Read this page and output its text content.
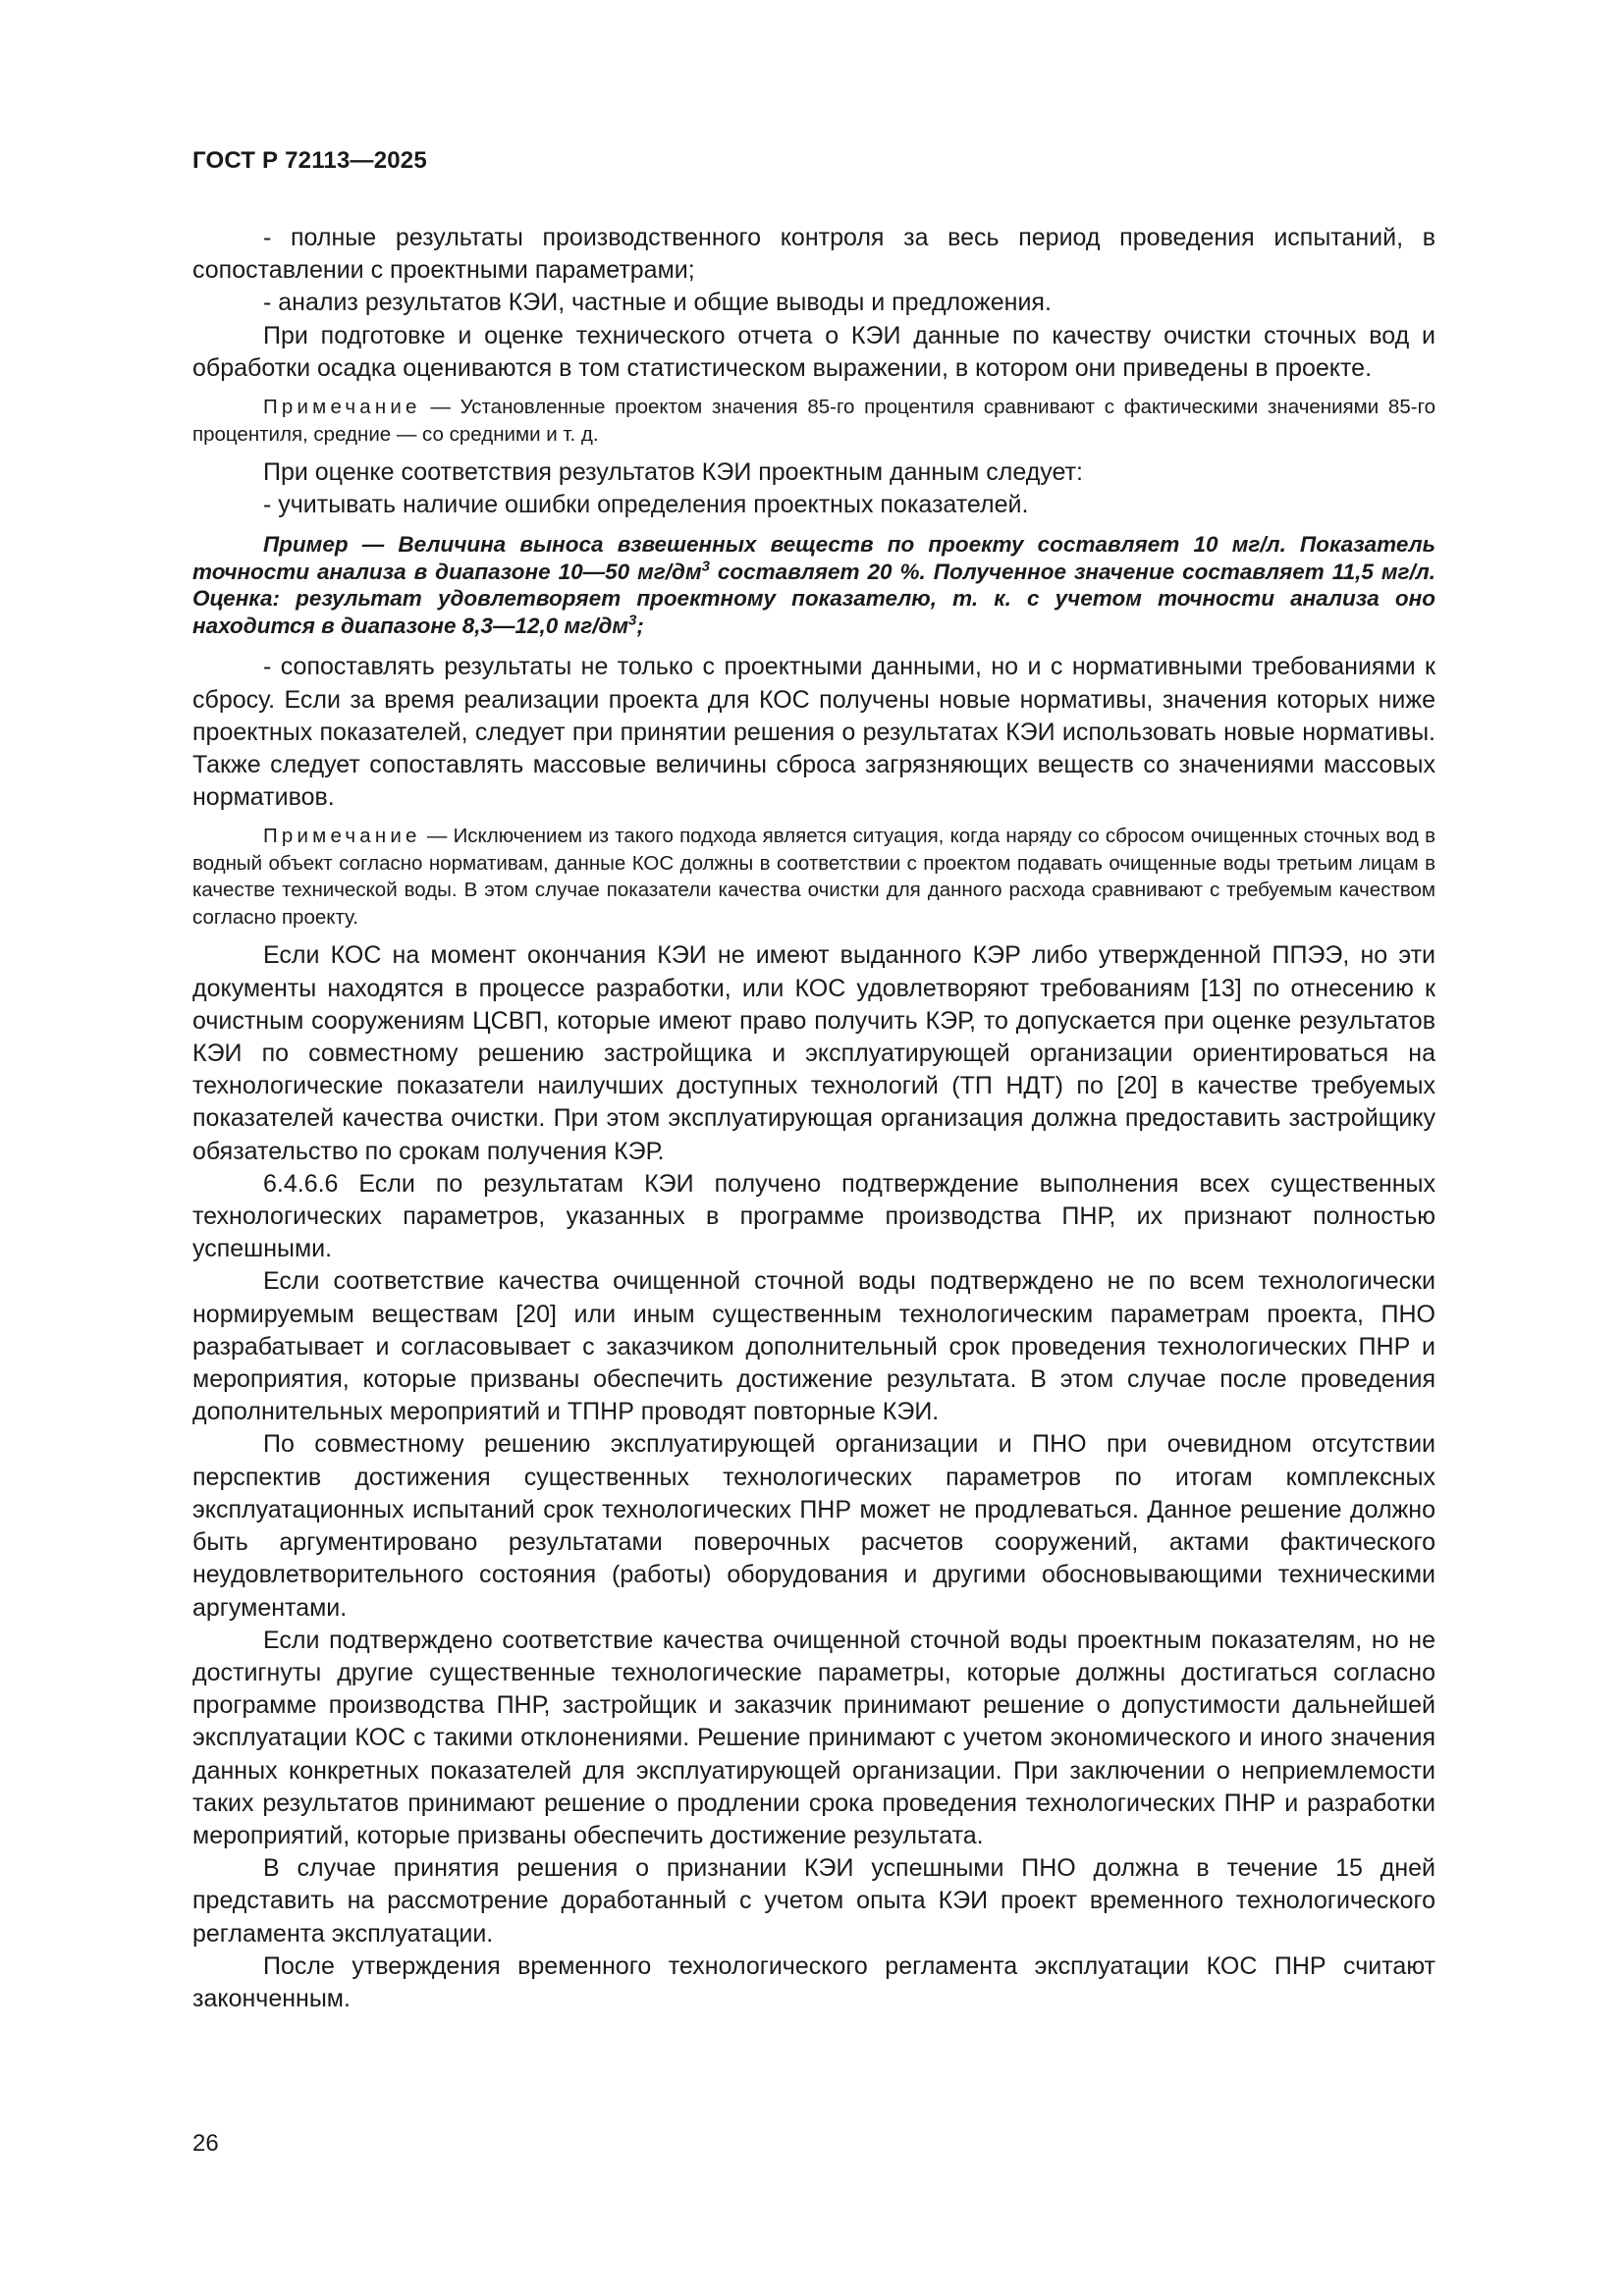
ГОСТ Р 72113—2025

- полные результаты производственного контроля за весь период проведения испытаний, в сопоставлении с проектными параметрами;

- анализ результатов КЭИ, частные и общие выводы и предложения.

При подготовке и оценке технического отчета о КЭИ данные по качеству очистки сточных вод и обработки осадка оцениваются в том статистическом выражении, в котором они приведены в проекте.

Примечание — Установленные проектом значения 85-го процентиля сравнивают с фактическими значениями 85-го процентиля, средние — со средними и т. д.

При оценке соответствия результатов КЭИ проектным данным следует:

- учитывать наличие ошибки определения проектных показателей.

Пример — Величина выноса взвешенных веществ по проекту составляет 10 мг/л. Показатель точности анализа в диапазоне 10—50 $мг/дм^3$ составляет 20 %. Полученное значение составляет 11,5 мг/л. Оценка: результат удовлетворяет проектному показателю, т. к. с учетом точности анализа оно находится в диапазоне 8,3—12,0 $мг/дм^3$;

- сопоставлять результаты не только с проектными данными, но и с нормативными требованиями к сбросу. Если за время реализации проекта для КОС получены новые нормативы, значения которых ниже проектных показателей, следует при принятии решения о результатах КЭИ использовать новые нормативы. Также следует сопоставлять массовые величины сброса загрязняющих веществ со значениями массовых нормативов.

Примечание — Исключением из такого подхода является ситуация, когда наряду со сбросом очищенных сточных вод в водный объект согласно нормативам, данные КОС должны в соответствии с проектом подавать очищенные воды третьим лицам в качестве технической воды. В этом случае показатели качества очистки для данного расхода сравнивают с требуемым качеством согласно проекту.

Если КОС на момент окончания КЭИ не имеют выданного КЭР либо утвержденной ППЭЭ, но эти документы находятся в процессе разработки, или КОС удовлетворяют требованиям [13] по отнесению к очистным сооружениям ЦСВП, которые имеют право получить КЭР, то допускается при оценке результатов КЭИ по совместному решению застройщика и эксплуатирующей организации ориентироваться на технологические показатели наилучших доступных технологий (ТП НДТ) по [20] в качестве требуемых показателей качества очистки. При этом эксплуатирующая организация должна предоставить застройщику обязательство по срокам получения КЭР.

6.4.6.6 Если по результатам КЭИ получено подтверждение выполнения всех существенных технологических параметров, указанных в программе производства ПНР, их признают полностью успешными.

Если соответствие качества очищенной сточной воды подтверждено не по всем технологически нормируемым веществам [20] или иным существенным технологическим параметрам проекта, ПНО разрабатывает и согласовывает с заказчиком дополнительный срок проведения технологических ПНР и мероприятия, которые призваны обеспечить достижение результата. В этом случае после проведения дополнительных мероприятий и ТПНР проводят повторные КЭИ.

По совместному решению эксплуатирующей организации и ПНО при очевидном отсутствии перспектив достижения существенных технологических параметров по итогам комплексных эксплуатационных испытаний срок технологических ПНР может не продлеваться. Данное решение должно быть аргументировано результатами поверочных расчетов сооружений, актами фактического неудовлетворительного состояния (работы) оборудования и другими обосновывающими техническими аргументами.

Если подтверждено соответствие качества очищенной сточной воды проектным показателям, но не достигнуты другие существенные технологические параметры, которые должны достигаться согласно программе производства ПНР, застройщик и заказчик принимают решение о допустимости дальнейшей эксплуатации КОС с такими отклонениями. Решение принимают с учетом экономического и иного значения данных конкретных показателей для эксплуатирующей организации. При заключении о неприемлемости таких результатов принимают решение о продлении срока проведения технологических ПНР и разработки мероприятий, которые призваны обеспечить достижение результата.

В случае принятия решения о признании КЭИ успешными ПНО должна в течение 15 дней представить на рассмотрение доработанный с учетом опыта КЭИ проект временного технологического регламента эксплуатации.

После утверждения временного технологического регламента эксплуатации КОС ПНР считают законченным.

26
